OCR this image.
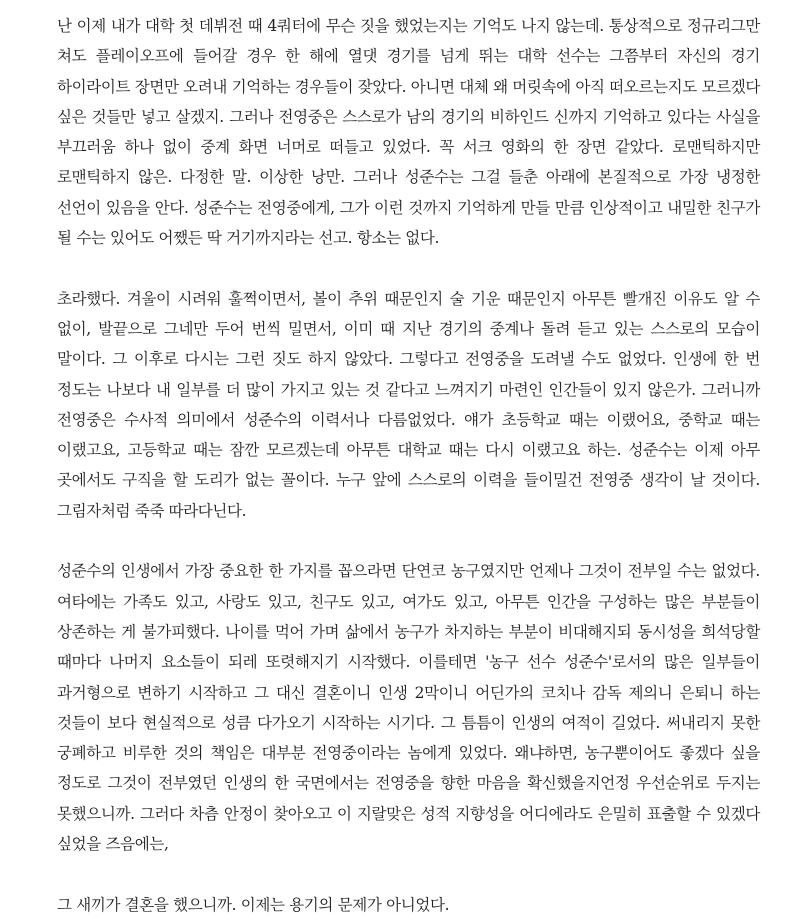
난 이제 내가 대학 첫 데뷔전 때 4쿼터에 무슨 짓을 했었는지는 기억도 나지 않는데. 통상적으로 정규리그만 쳐도 플레이오프에 들어갈 경우 한 해에 열댓 경기를 넘게 뛰는 대학 선수는 그쯤부터 자신의 경기 하이라이트 장면만 오려내 기억하는 경우들이 잦았다. 아니면 대체 왜 머릿속에 아직 떠오르는지도 모르겠다 싶은 것들만 넣고 살겠지. 그러나 전영중은 스스로가 남의 경기의 비하인드 신까지 기억하고 있다는 사실을 부끄러움 하나 없이 중계 화면 너머로 떠들고 있었다. 꼭 서크 영화의 한 장면 같았다. 로맨틱하지만 로맨틱하지 않은. 다정한 말. 이상한 낭만. 그러나 성준수는 그걸 들춘 아래에 본질적으로 가장 냉정한 선언이 있음을 안다. 성준수는 전영중에게, 그가 이런 것까지 기억하게 만들 만큼 인상적이고 내밀한 친구가 될 수는 있어도 어쨌든 딱 거기까지라는 선고. 항소는 없다.

초라했다. 겨울이 시려워 훌쩍이면서, 볼이 추위 때문인지 술 기운 때문인지 아무튼 빨개진 이유도 알 수 없이, 발끝으로 그네만 두어 번씩 밀면서, 이미 때 지난 경기의 중계나 돌려 듣고 있는 스스로의 모습이 말이다. 그 이후로 다시는 그런 짓도 하지 않았다. 그렇다고 전영중을 도려낼 수도 없었다. 인생에 한 번 정도는 나보다 내 일부를 더 많이 가지고 있는 것 같다고 느껴지기 마련인 인간들이 있지 않은가. 그러니까 전영중은 수사적 의미에서 성준수의 이력서나 다름없었다. 얘가 초등학교 때는 이랬어요, 중학교 때는 이랬고요, 고등학교 때는 잠깐 모르겠는데 아무튼 대학교 때는 다시 이랬고요 하는. 성준수는 이제 아무 곳에서도 구직을 할 도리가 없는 꼴이다. 누구 앞에 스스로의 이력을 들이밀건 전영중 생각이 날 것이다. 그림자처럼 죽죽 따라다닌다.

성준수의 인생에서 가장 중요한 한 가지를 꼽으라면 단연코 농구였지만 언제나 그것이 전부일 수는 없었다. 여타에는 가족도 있고, 사랑도 있고, 친구도 있고, 여가도 있고, 아무튼 인간을 구성하는 많은 부분들이 상존하는 게 불가피했다. 나이를 먹어 가며 삶에서 농구가 차지하는 부분이 비대해지되 동시성을 희석당할 때마다 나머지 요소들이 되레 또렷해지기 시작했다. 이를테면 '농구 선수 성준수'로서의 많은 일부들이 과거형으로 변하기 시작하고 그 대신 결혼이니 인생 2막이니 어딘가의 코치나 감독 제의니 은퇴니 하는 것들이 보다 현실적으로 성큼 다가오기 시작하는 시기다. 그 틈틈이 인생의 여적이 길었다. 써내리지 못한 궁폐하고 비루한 것의 책임은 대부분 전영중이라는 놈에게 있었다. 왜냐하면, 농구뿐이어도 좋겠다 싶을 정도로 그것이 전부였던 인생의 한 국면에서는 전영중을 향한 마음을 확신했을지언정 우선순위로 두지는 못했으니까. 그러다 차츰 안정이 찾아오고 이 지랄맞은 성적 지향성을 어디에라도 은밀히 표출할 수 있겠다 싶었을 즈음에는,

그 새끼가 결혼을 했으니까. 이제는 용기의 문제가 아니었다.
